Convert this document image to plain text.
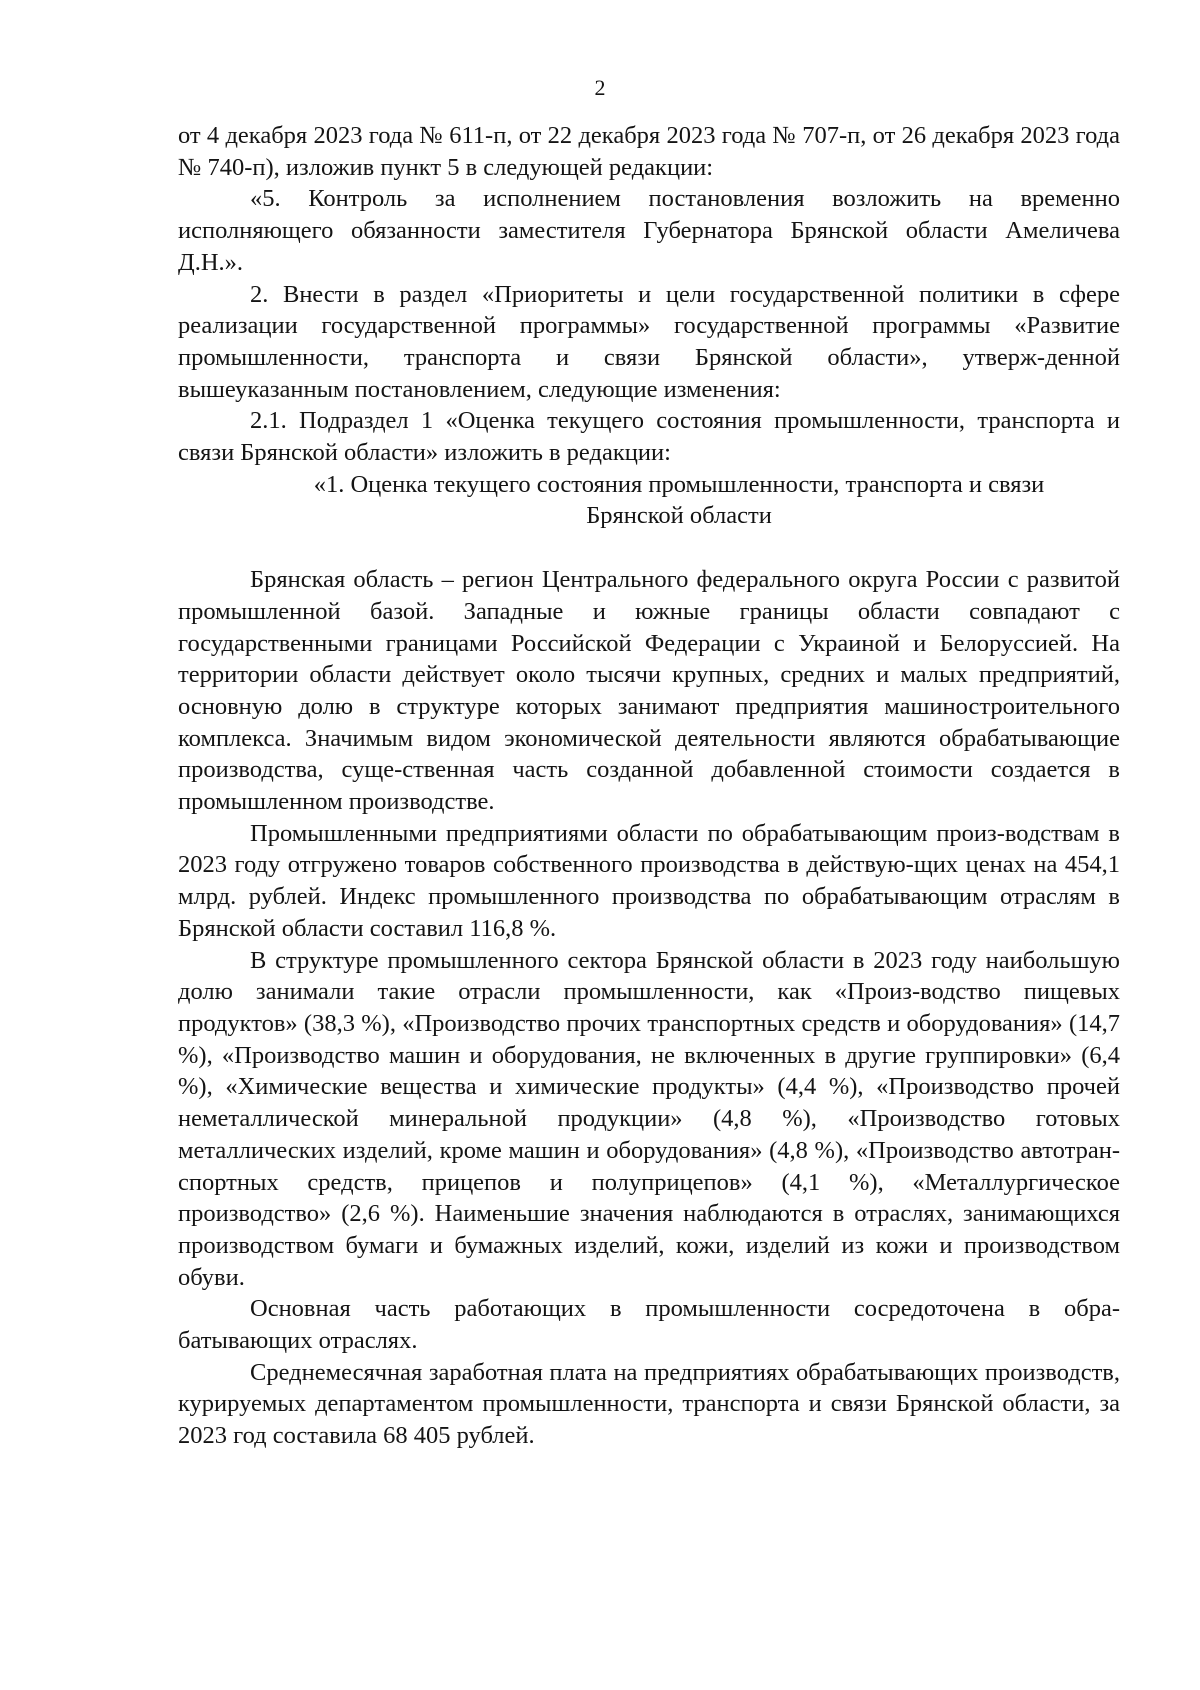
2

от 4 декабря 2023 года № 611-п, от 22 декабря 2023 года № 707-п, от 26 декабря 2023 года № 740-п), изложив пункт 5 в следующей редакции:

«5. Контроль за исполнением постановления возложить на временно исполняющего обязанности заместителя Губернатора Брянской области Амеличева Д.Н.».

2. Внести в раздел «Приоритеты и цели государственной политики в сфере реализации государственной программы» государственной программы «Развитие промышленности, транспорта и связи Брянской области», утверж-денной вышеуказанным постановлением, следующие изменения:

2.1. Подраздел 1 «Оценка текущего состояния промышленности, транспорта и связи Брянской области» изложить в редакции:

«1. Оценка текущего состояния промышленности, транспорта и связи

Брянской области

Брянская область – регион Центрального федерального округа России с развитой промышленной базой. Западные и южные границы области совпадают с государственными границами Российской Федерации с Украиной и Белоруссией. На территории области действует около тысячи крупных, средних и малых предприятий, основную долю в структуре которых занимают предприятия машиностроительного комплекса. Значимым видом экономической деятельности являются обрабатывающие производства, суще-ственная часть созданной добавленной стоимости создается в промышленном производстве.

Промышленными предприятиями области по обрабатывающим произ-водствам в 2023 году отгружено товаров собственного производства в действую-щих ценах на 454,1 млрд. рублей. Индекс промышленного производства по обрабатывающим отраслям в Брянской области составил 116,8 %.

В структуре промышленного сектора Брянской области в 2023 году наибольшую долю занимали такие отрасли промышленности, как «Произ-водство пищевых продуктов» (38,3 %), «Производство прочих транспортных средств и оборудования» (14,7 %), «Производство машин и оборудования, не включенных в другие группировки» (6,4 %), «Химические вещества и химические продукты» (4,4 %), «Производство прочей неметаллической минеральной продукции» (4,8 %), «Производство готовых металлических изделий, кроме машин и оборудования» (4,8 %), «Производство автотран-спортных средств, прицепов и полуприцепов» (4,1 %), «Металлургическое производство» (2,6 %). Наименьшие значения наблюдаются в отраслях, занимающихся производством бумаги и бумажных изделий, кожи, изделий из кожи и производством обуви.

Основная часть работающих в промышленности сосредоточена в обра-батывающих отраслях.

Среднемесячная заработная плата на предприятиях обрабатывающих производств, курируемых департаментом промышленности, транспорта и связи Брянской области, за 2023 год составила 68 405 рублей.
